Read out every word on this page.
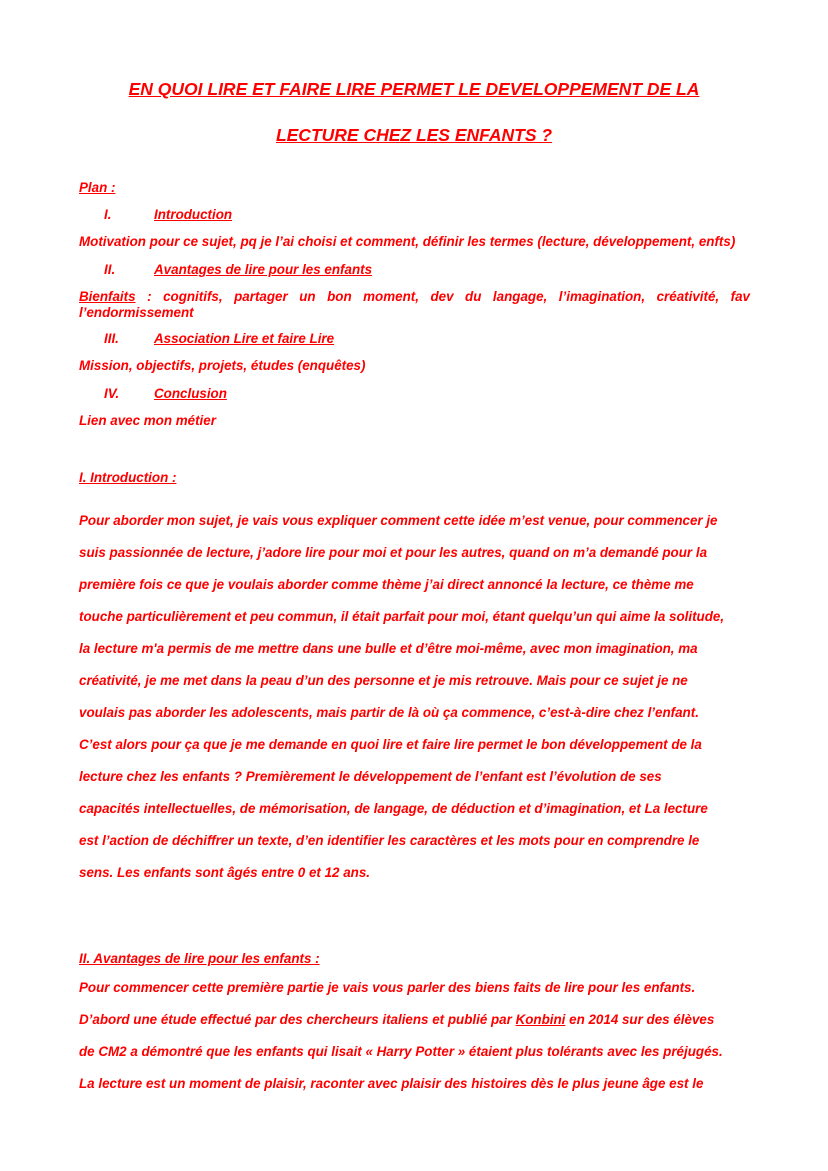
EN QUOI LIRE ET FAIRE LIRE PERMET LE DEVELOPPEMENT DE LA
LECTURE CHEZ LES ENFANTS ?
Plan :
I.	Introduction
Motivation pour ce sujet, pq je l’ai choisi et comment, définir les termes (lecture, développement, enfts)
II.	Avantages de lire pour les enfants
Bienfaits : cognitifs, partager un bon moment, dev du langage, l’imagination, créativité, fav
l’endormissement
III.	Association Lire et faire Lire
Mission, objectifs, projets, études (enquêtes)
IV.	Conclusion
Lien avec mon métier
I. Introduction :
Pour aborder mon sujet, je vais vous expliquer comment cette idée m’est venue, pour commencer je
suis passionnée de lecture, j’adore lire pour moi et pour les autres, quand on m’a demandé pour la
première fois ce que je voulais aborder comme thème j’ai direct annoncé la lecture, ce thème me
touche particulièrement et peu commun, il était parfait pour moi, étant quelqu’un qui aime la solitude,
la lecture m'a permis de me mettre dans une bulle et d’être moi-même, avec mon imagination, ma
créativité, je me met dans la peau d’un des personne et je mis retrouve. Mais pour ce sujet je ne
voulais pas aborder les adolescents, mais partir de là où ça commence, c’est-à-dire chez l’enfant.
C’est alors pour ça que je me demande en quoi lire et faire lire permet le bon développement de la
lecture chez les enfants ? Premièrement le développement de l’enfant est l’évolution de ses
capacités intellectuelles, de mémorisation, de langage, de déduction et d’imagination, et La lecture
est l’action de déchiffrer un texte, d’en identifier les caractères et les mots pour en comprendre le
sens. Les enfants sont âgés entre 0 et 12 ans.
II. Avantages de lire pour les enfants :
Pour commencer cette première partie je vais vous parler des biens faits de lire pour les enfants.
D’abord une étude effectué par des chercheurs italiens et publié par Konbini en 2014 sur des élèves
de CM2 a démontré que les enfants qui lisait « Harry Potter » étaient plus tolérants avec les préjugés.
La lecture est un moment de plaisir, raconter avec plaisir des histoires dès le plus jeune âge est le
